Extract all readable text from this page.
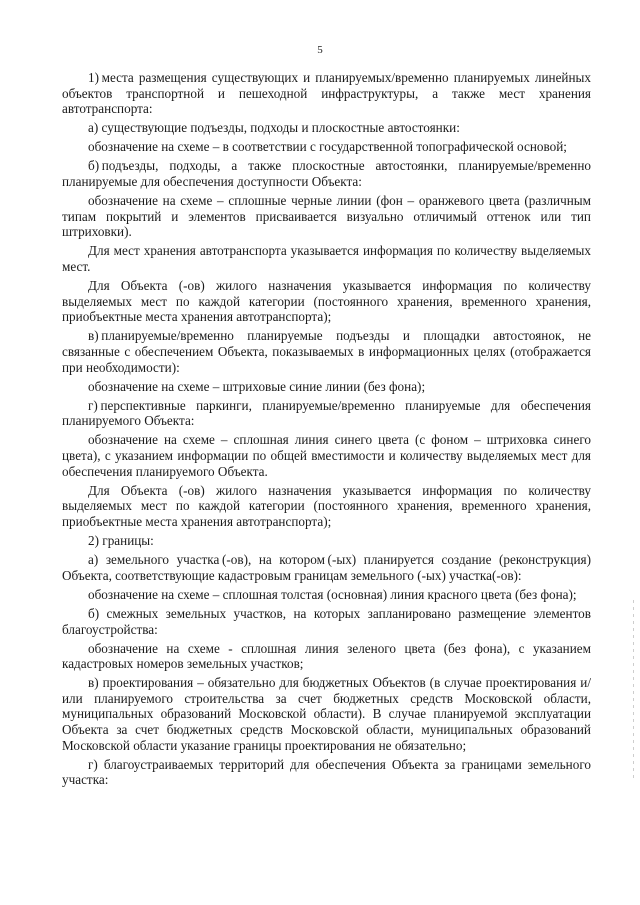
5

1) места размещения существующих и планируемых/временно планируемых линейных объектов транспортной и пешеходной инфраструктуры, а также мест хранения автотранспорта:

а) существующие подъезды, подходы и плоскостные автостоянки:

обозначение на схеме – в соответствии с государственной топографической основой;

б) подъезды, подходы, а также плоскостные автостоянки, планируемые/временно планируемые для обеспечения доступности Объекта:

обозначение на схеме – сплошные черные линии (фон – оранжевого цвета (различным типам покрытий и элементов присваивается визуально отличимый оттенок или тип штриховки).

Для мест хранения автотранспорта указывается информация по количеству выделяемых мест.

Для Объекта (-ов) жилого назначения указывается информация по количеству выделяемых мест по каждой категории (постоянного хранения, временного хранения, приобъектные места хранения автотранспорта);

в) планируемые/временно планируемые подъезды и площадки автостоянок, не связанные с обеспечением Объекта, показываемых в информационных целях (отображается при необходимости):

обозначение на схеме – штриховые синие линии (без фона);

г) перспективные паркинги, планируемые/временно планируемые для обеспечения планируемого Объекта:

обозначение на схеме – сплошная линия синего цвета (с фоном – штриховка синего цвета), с указанием информации по общей вместимости и количеству выделяемых мест для обеспечения планируемого Объекта.

Для Объекта (-ов) жилого назначения указывается информация по количеству выделяемых мест по каждой категории (постоянного хранения, временного хранения, приобъектные места хранения автотранспорта);

2) границы:

а) земельного участка (-ов), на котором (-ых) планируется создание (реконструкция) Объекта, соответствующие кадастровым границам земельного (-ых) участка(-ов):

обозначение на схеме – сплошная толстая (основная) линия красного цвета (без фона);

б) смежных земельных участков, на которых запланировано размещение элементов благоустройства:

обозначение на схеме - сплошная линия зеленого цвета (без фона), с указанием кадастровых номеров земельных участков;

в) проектирования – обязательно для бюджетных Объектов (в случае проектирования и/или планируемого строительства за счет бюджетных средств Московской области, муниципальных образований Московской области). В случае планируемой эксплуатации Объекта за счет бюджетных средств Московской области, муниципальных образований Московской области указание границы проектирования не обязательно;

г) благоустраиваемых территорий для обеспечения Объекта за границами земельного участка:
